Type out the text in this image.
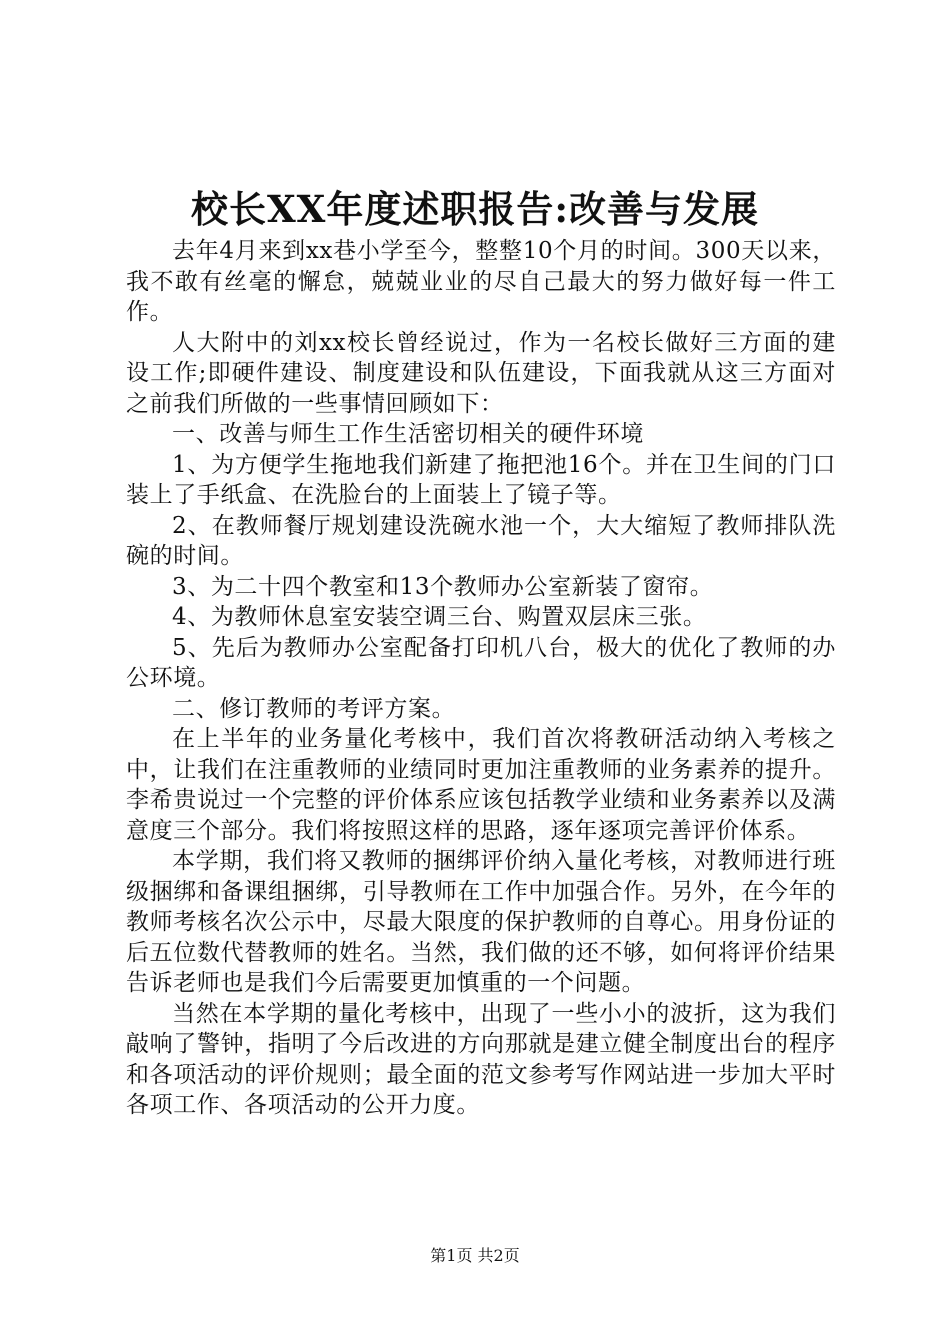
校长XX年度述职报告:改善与发展

去年4月来到xx巷小学至今，整整10个月的时间。300天以来，我不敢有丝毫的懈怠，兢兢业业的尽自己最大的努力做好每一件工作。

人大附中的刘xx校长曾经说过，作为一名校长做好三方面的建设工作;即硬件建设、制度建设和队伍建设，下面我就从这三方面对之前我们所做的一些事情回顾如下：

一、改善与师生工作生活密切相关的硬件环境

1、为方便学生拖地我们新建了拖把池16个。并在卫生间的门口装上了手纸盒、在洗脸台的上面装上了镜子等。

2、在教师餐厅规划建设洗碗水池一个，大大缩短了教师排队洗碗的时间。

3、为二十四个教室和13个教师办公室新装了窗帘。

4、为教师休息室安装空调三台、购置双层床三张。

5、先后为教师办公室配备打印机八台，极大的优化了教师的办公环境。

二、修订教师的考评方案。

在上半年的业务量化考核中，我们首次将教研活动纳入考核之中，让我们在注重教师的业绩同时更加注重教师的业务素养的提升。李希贵说过一个完整的评价体系应该包括教学业绩和业务素养以及满意度三个部分。我们将按照这样的思路，逐年逐项完善评价体系。

本学期，我们将又教师的捆绑评价纳入量化考核，对教师进行班级捆绑和备课组捆绑，引导教师在工作中加强合作。另外，在今年的教师考核名次公示中，尽最大限度的保护教师的自尊心。用身份证的后五位数代替教师的姓名。当然，我们做的还不够，如何将评价结果告诉老师也是我们今后需要更加慎重的一个问题。

当然在本学期的量化考核中，出现了一些小小的波折，这为我们敲响了警钟，指明了今后改进的方向那就是建立健全制度出台的程序和各项活动的评价规则；最全面的范文参考写作网站进一步加大平时各项工作、各项活动的公开力度。

第1页 共2页
